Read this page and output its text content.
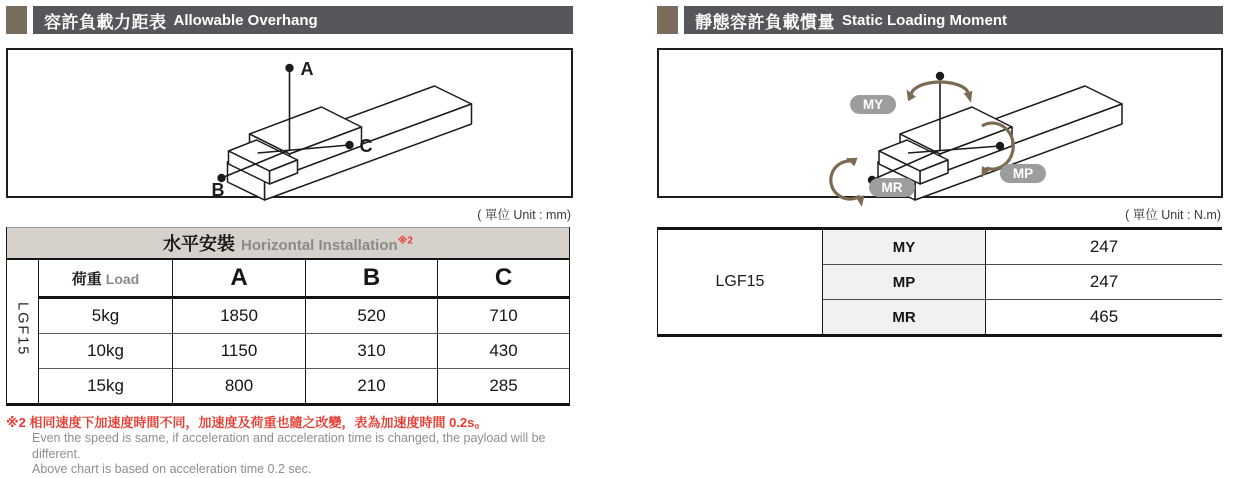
容許負載力距表 Allowable Overhang
A
B
C
( 單位 Unit : mm)
水平安裝 Horizontal Installation$^{※2}$
LGF15	荷重 Load	A	B	C
	5kg	1850	520	710
	10kg	1150	310	430
	15kg	800	210	285
※2 相同速度下加速度時間不同，加速度及荷重也隨之改變，表為加速度時間 0.2s。
Even the speed is same, if acceleration and acceleration time is changed, the payload will be different.
Above chart is based on acceleration time 0.2 sec.
靜態容許負載慣量 Static Loading Moment
MY
MP
MR
( 單位 Unit : N.m)
LGF15	MY	247
	MP	247
	MR	465
